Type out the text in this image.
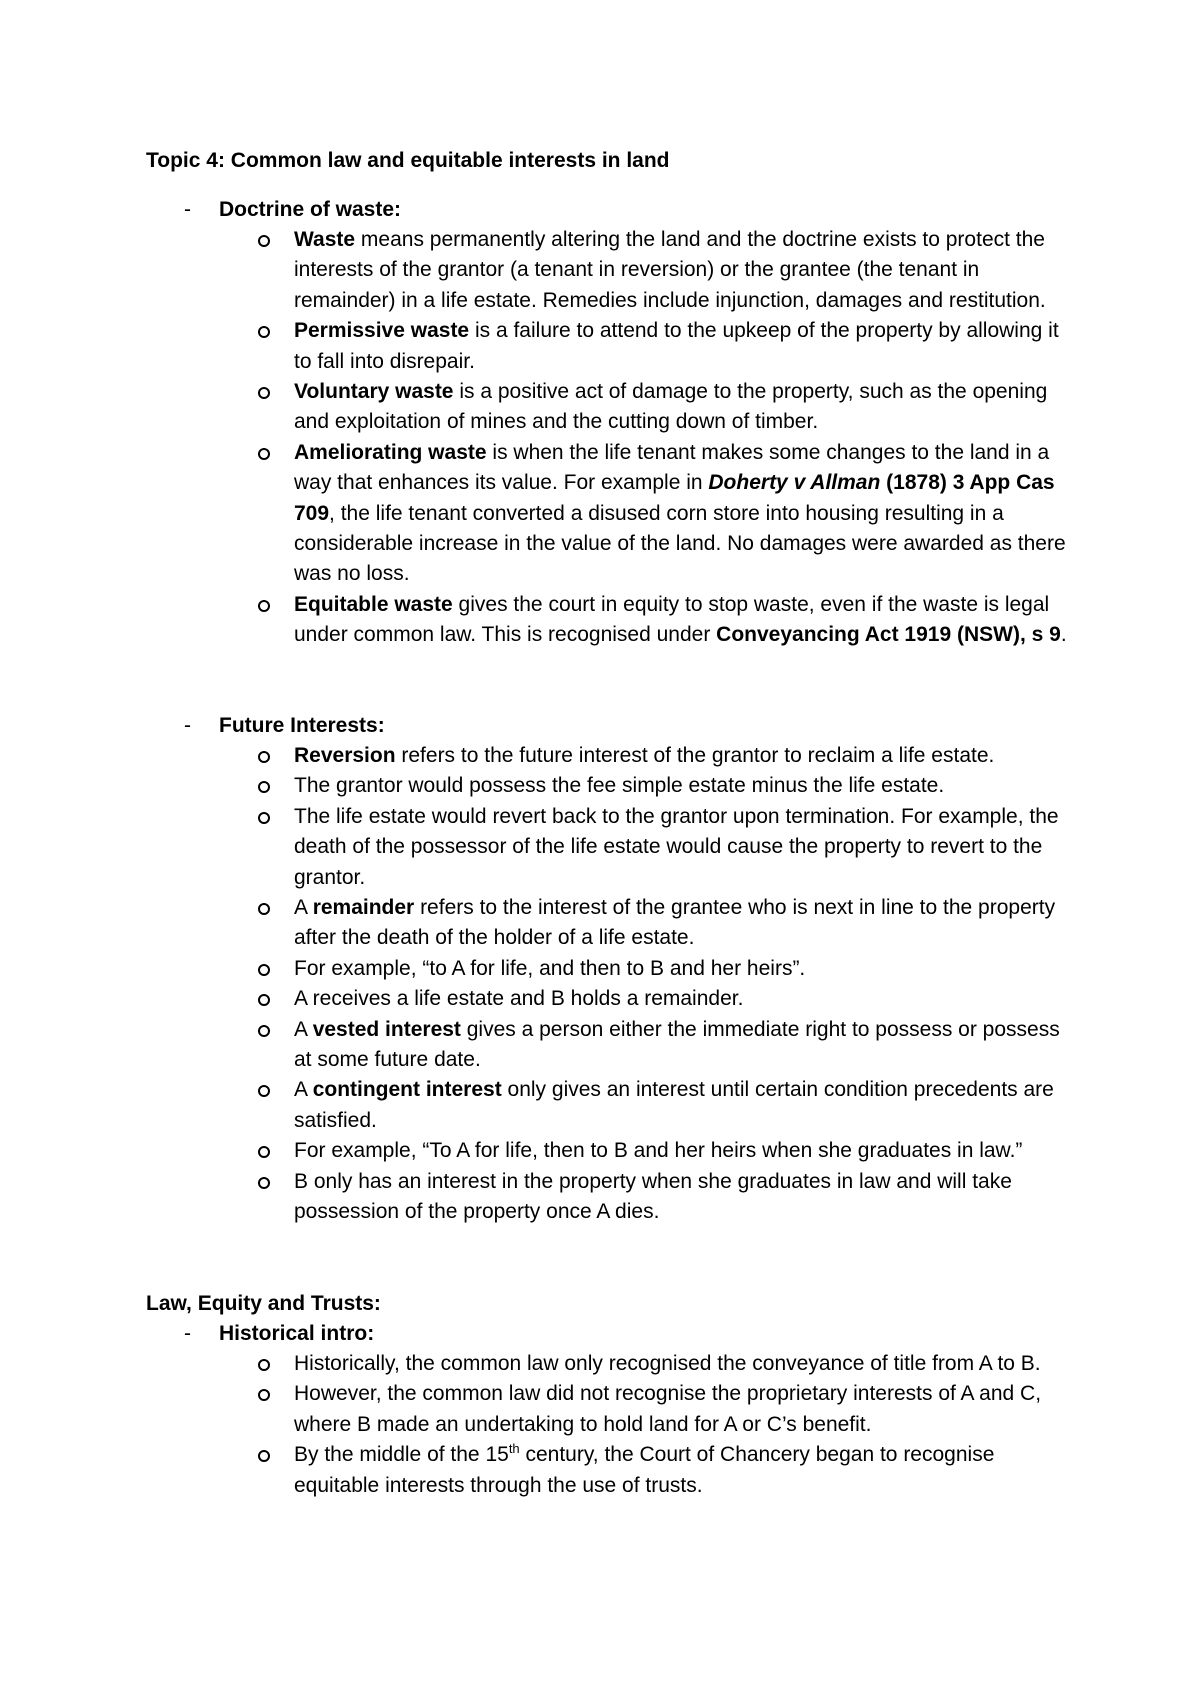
Topic 4: Common law and equitable interests in land
- Doctrine of waste:
Waste means permanently altering the land and the doctrine exists to protect the interests of the grantor (a tenant in reversion) or the grantee (the tenant in remainder) in a life estate. Remedies include injunction, damages and restitution.
Permissive waste is a failure to attend to the upkeep of the property by allowing it to fall into disrepair.
Voluntary waste is a positive act of damage to the property, such as the opening and exploitation of mines and the cutting down of timber.
Ameliorating waste is when the life tenant makes some changes to the land in a way that enhances its value. For example in Doherty v Allman (1878) 3 App Cas 709, the life tenant converted a disused corn store into housing resulting in a considerable increase in the value of the land. No damages were awarded as there was no loss.
Equitable waste gives the court in equity to stop waste, even if the waste is legal under common law. This is recognised under Conveyancing Act 1919 (NSW), s 9.
- Future Interests:
Reversion refers to the future interest of the grantor to reclaim a life estate.
The grantor would possess the fee simple estate minus the life estate.
The life estate would revert back to the grantor upon termination. For example, the death of the possessor of the life estate would cause the property to revert to the grantor.
A remainder refers to the interest of the grantee who is next in line to the property after the death of the holder of a life estate.
For example, “to A for life, and then to B and her heirs”.
A receives a life estate and B holds a remainder.
A vested interest gives a person either the immediate right to possess or possess at some future date.
A contingent interest only gives an interest until certain condition precedents are satisfied.
For example, “To A for life, then to B and her heirs when she graduates in law.”
B only has an interest in the property when she graduates in law and will take possession of the property once A dies.
Law, Equity and Trusts:
- Historical intro:
Historically, the common law only recognised the conveyance of title from A to B.
However, the common law did not recognise the proprietary interests of A and C, where B made an undertaking to hold land for A or C’s benefit.
By the middle of the 15th century, the Court of Chancery began to recognise equitable interests through the use of trusts.
